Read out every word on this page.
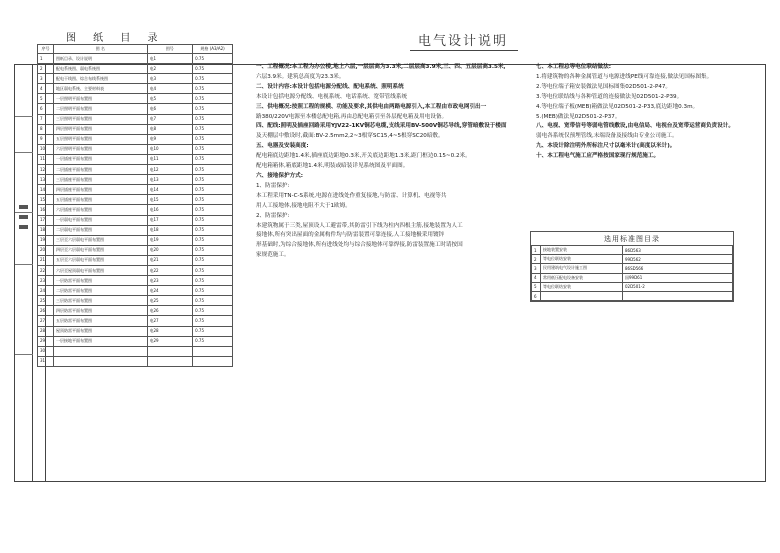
图 纸 目 录
序号	图 名	图号	规格 (A3/A2)
1	图纸目录、设计说明	电1	0.75
2	配电系统图、弱电系统图	电2	0.75
3	配电干线图、综合布线系统图	电3	0.75
4	地区弱电系统、主要材料表	电4	0.75
5	一层照明平面布置图	电5	0.75
6	二层照明平面布置图	电6	0.75
7	三层照明平面布置图	电7	0.75
8	四层照明平面布置图	电8	0.75
9	五层照明平面布置图	电9	0.75
10	六层照明平面布置图	电10	0.75
11	一层插座平面布置图	电11	0.75
12	二层插座平面布置图	电12	0.75
13	三层插座平面布置图	电13	0.75
14	四层插座平面布置图	电14	0.75
15	五层插座平面布置图	电15	0.75
16	六层插座平面布置图	电16	0.75
17	一层弱电平面布置图	电17	0.75
18	二层弱电平面布置图	电18	0.75
19	三层至六层弱电平面布置图	电19	0.75
20	四层至六层弱电平面布置图	电20	0.75
21	五层至六层弱电平面布置图	电21	0.75
22	六层至屋顶弱电平面布置图	电22	0.75
23	一层防雷平面布置图	电23	0.75
24	二层防雷平面布置图	电24	0.75
25	三层防雷平面布置图	电25	0.75
26	四层防雷平面布置图	电26	0.75
27	五层防雷平面布置图	电27	0.75
28	屋顶防雷平面布置图	电28	0.75
29	一层接地平面布置图	电29	0.75
30			
31			
电气设计说明

一、工程概况:本工程为办公楼,地上六层,一层层高为3.3米,二层层高3.9米,三、四、五层层高3.5米,

六层3.9米。建筑总高度为23.3米。

二、设计内容:本设计包括电源分配线、配电系统、照明系统

本设计包括电源分配线、电视系统、电话系统、宽带管线系统

三、供电概况:按照工程的规模、功能及要求,其供电由两路电源引入,本工程由市政电网引出一

路380/220V电源至本楼总配电箱,再由总配电箱引至各层配电箱及用电设备。

四、配线:照明及插座回路采用YJV22-1KV铜芯电缆,支线采用BV-500V铜芯导线,穿管暗敷设于楼面

及天棚层中敷设时,截面:BV-2.5mm2,2~3根穿SC15,4~5根穿SC20暗敷。

五、电器及安装高度:

配电箱底边距地1.4米,插座底边距地0.3米,开关底边距地1.3米,距门框边0.15~0.2米。

配电箱箱体,箱底距地1.4米,明装或暗装详见系统图及平面图。

六、接地保护方式:

1、防雷保护:

本工程采用TN-C-S系统,电源在进线处作重复接地,与防雷、计算机、电视等共

用人工接地体,接地电阻不大于1欧姆。

2、防雷保护:

本建筑物属于三类,屋顶设人工避雷带,其防雷引下线为柱内四根主筋,接地装置为人工

接地体,所有突出屋面的金属构件均与防雷装置可靠连接,人工接地极采用镀锌

形基础时,为综合接地体,所有进线处均与综合接地体可靠焊接,防雷装置施工时请按国

家规范施工。

七、本工程总等电位联结做法:

1.将建筑物的各种金属管道与电源进线PE线可靠连接,做法见国标图集。

2.等电位端子箱安装做法见国标图集02D501-2-P47。

3.等电位联结线与各种管道的连接做法见02D501-2-P39。

4.等电位端子板(MEB)箱做法见02D501-2-P33,底边距地0.3m。

5.(MEB)做法见02D501-2-P37。

八、电视、宽带信号等弱电管线敷设,由电信局、电视台及宽带运营商负责设计。

弱电各系统仅预埋管线,末端设备及接线由专业公司施工。

九、本设计除注明外所标注尺寸以毫米计(高度以米计)。

十、本工程电气施工应严格按国家现行规范施工。

选用标准图目录
1	接地装置安装	86D563
2	等电位联结安装	99D562
3	民用建筑电气设计施工图	86SD566
4	常用低压配电设备安装	国99D61
5	等电位联结安装	02D501-2
6		
